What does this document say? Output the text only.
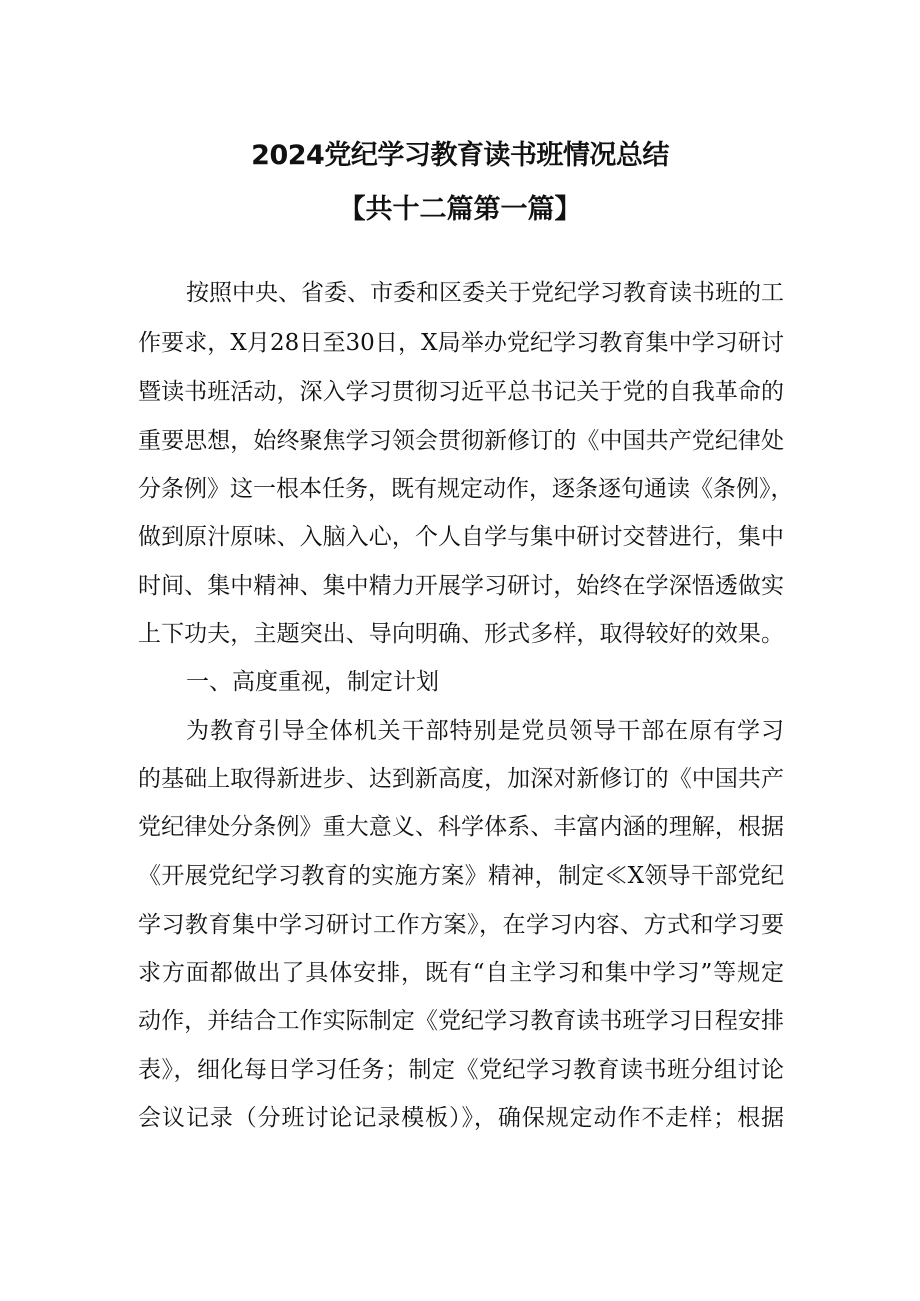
2024党纪学习教育读书班情况总结
【共十二篇第一篇】
按照中央、省委、市委和区委关于党纪学习教育读书班的工
作要求，X月28日至30日，X局举办党纪学习教育集中学习研讨
暨读书班活动，深入学习贯彻习近平总书记关于党的自我革命的
重要思想，始终聚焦学习领会贯彻新修订的《中国共产党纪律处
分条例》这一根本任务，既有规定动作，逐条逐句通读《条例》，
做到原汁原味、入脑入心，个人自学与集中研讨交替进行，集中
时间、集中精神、集中精力开展学习研讨，始终在学深悟透做实
上下功夫，主题突出、导向明确、形式多样，取得较好的效果。
一、高度重视，制定计划
为教育引导全体机关干部特别是党员领导干部在原有学习
的基础上取得新进步、达到新高度，加深对新修订的《中国共产
党纪律处分条例》重大意义、科学体系、丰富内涵的理解，根据
《开展党纪学习教育的实施方案》精神，制定≪X领导干部党纪
学习教育集中学习研讨工作方案》，在学习内容、方式和学习要
求方面都做出了具体安排，既有“自主学习和集中学习”等规定
动作，并结合工作实际制定《党纪学习教育读书班学习日程安排
表》，细化每日学习任务；制定《党纪学习教育读书班分组讨论
会议记录（分班讨论记录模板）》，确保规定动作不走样；根据
